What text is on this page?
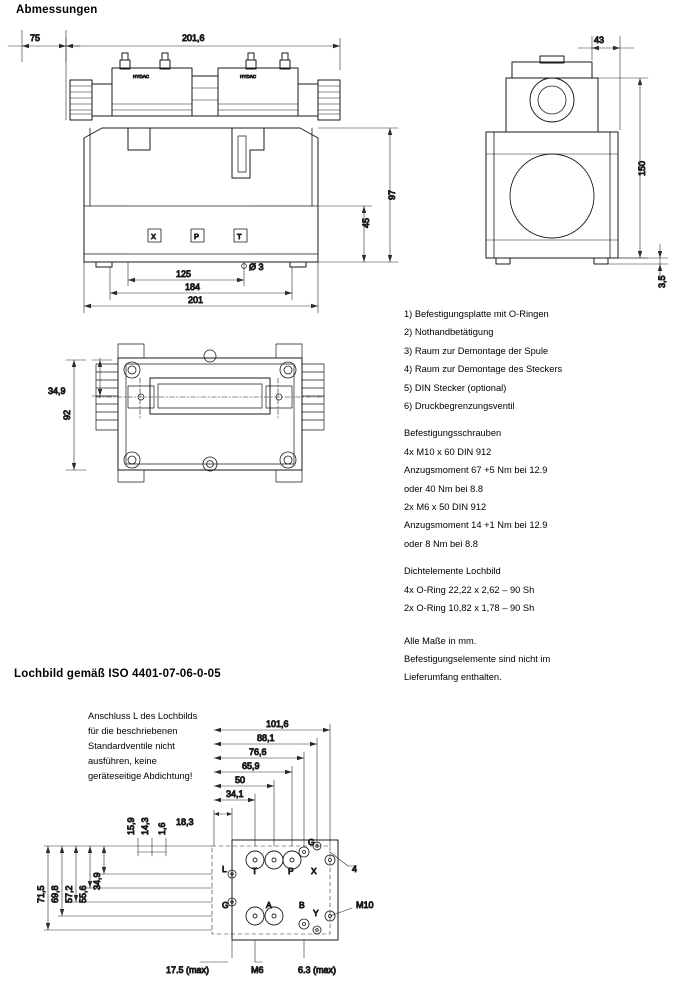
Abmessungen
Lochbild gemäß ISO 4401-07-06-0-05
1) Befestigungsplatte mit O-Ringen
2) Nothandbetätigung
3) Raum zur Demontage der Spule
4) Raum zur Demontage des Steckers
5) DIN Stecker (optional)
6) Druckbegrenzungsventil
Befestigungsschrauben
4x M10 x 60 DIN 912
Anzugsmoment 67 +5 Nm bei 12.9
oder 40 Nm bei 8.8
2x M6 x 50 DIN 912
Anzugsmoment 14 +1 Nm bei 12.9
oder 8 Nm bei 8.8
Dichtelemente Lochbild
4x O-Ring 22,22 x 2,62 – 90 Sh
2x O-Ring 10,82 x 1,78 – 90 Sh
Alle Maße in mm.
Befestigungselemente sind nicht im
Lieferumfang enthalten.
Anschluss L des Lochbilds für die beschriebenen Standardventile nicht ausführen, keine geräteseitige Abdichtung!
75	201,6
HYDAC	HYDAC
X	P	T
Ø 3
97
45
125
184
201
43
150
3,5
92
34,9
101,6
88,1
76,6
65,9
50
34,1
18,3
15,9 14,3 1,6
71,5 69,8 57,2 55,6
34,9
G
L	T	P X
G	A	B
Y
4
M10
17.5 (max)	M6	6.3 (max)
